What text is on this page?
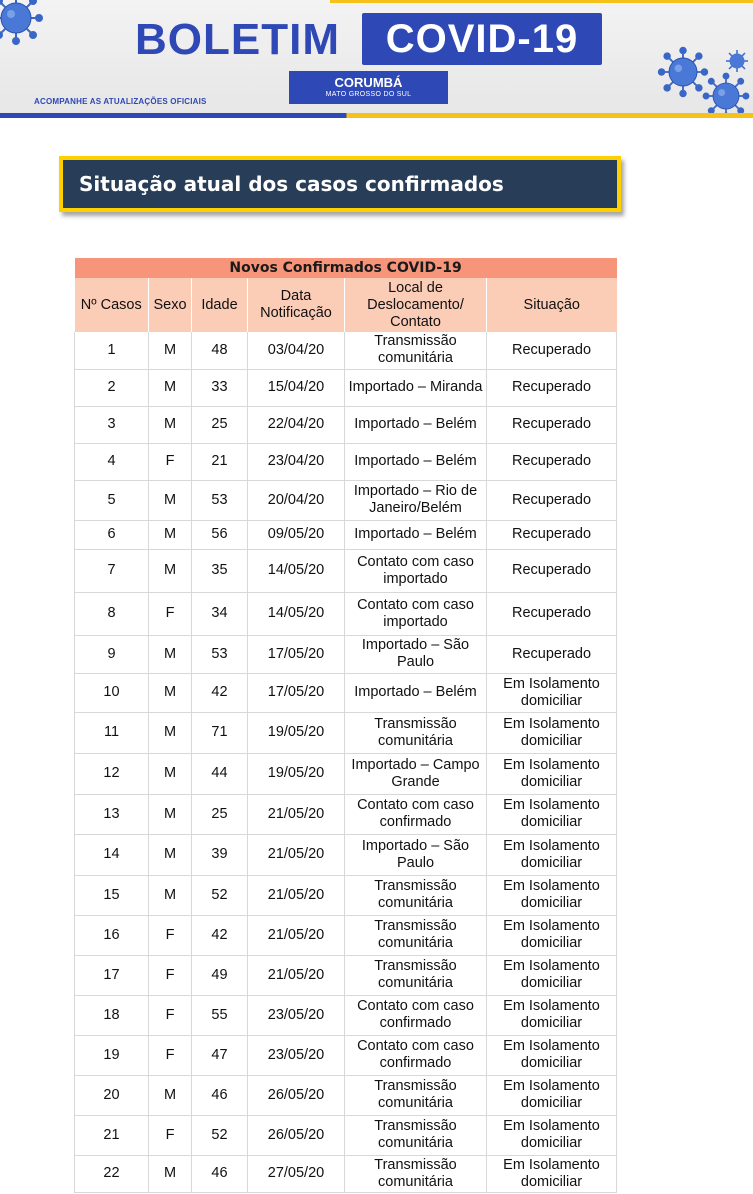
BOLETIM	COVID-19
CORUMBÁ
MATO GROSSO DO SUL
ACOMPANHE AS ATUALIZAÇÕES OFICIAIS
Situação atual dos casos confirmados
Novos Confirmados COVID-19					
Nº Casos	Sexo	Idade	Data Notificação	Local de Deslocamento/ Contato	Situação
1	M	48	03/04/20	Transmissão comunitária	Recuperado
2	M	33	15/04/20	Importado – Miranda	Recuperado
3	M	25	22/04/20	Importado – Belém	Recuperado
4	F	21	23/04/20	Importado – Belém	Recuperado
5	M	53	20/04/20	Importado – Rio de Janeiro/Belém	Recuperado
6	M	56	09/05/20	Importado – Belém	Recuperado
7	M	35	14/05/20	Contato com caso importado	Recuperado
8	F	34	14/05/20	Contato com caso importado	Recuperado
9	M	53	17/05/20	Importado – São Paulo	Recuperado
10	M	42	17/05/20	Importado – Belém	Em Isolamento domiciliar
11	M	71	19/05/20	Transmissão comunitária	Em Isolamento domiciliar
12	M	44	19/05/20	Importado – Campo Grande	Em Isolamento domiciliar
13	M	25	21/05/20	Contato com caso confirmado	Em Isolamento domiciliar
14	M	39	21/05/20	Importado – São Paulo	Em Isolamento domiciliar
15	M	52	21/05/20	Transmissão comunitária	Em Isolamento domiciliar
16	F	42	21/05/20	Transmissão comunitária	Em Isolamento domiciliar
17	F	49	21/05/20	Transmissão comunitária	Em Isolamento domiciliar
18	F	55	23/05/20	Contato com caso confirmado	Em Isolamento domiciliar
19	F	47	23/05/20	Contato com caso confirmado	Em Isolamento domiciliar
20	M	46	26/05/20	Transmissão comunitária	Em Isolamento domiciliar
21	F	52	26/05/20	Transmissão comunitária	Em Isolamento domiciliar
22	M	46	27/05/20	Transmissão comunitária	Em Isolamento domiciliar
